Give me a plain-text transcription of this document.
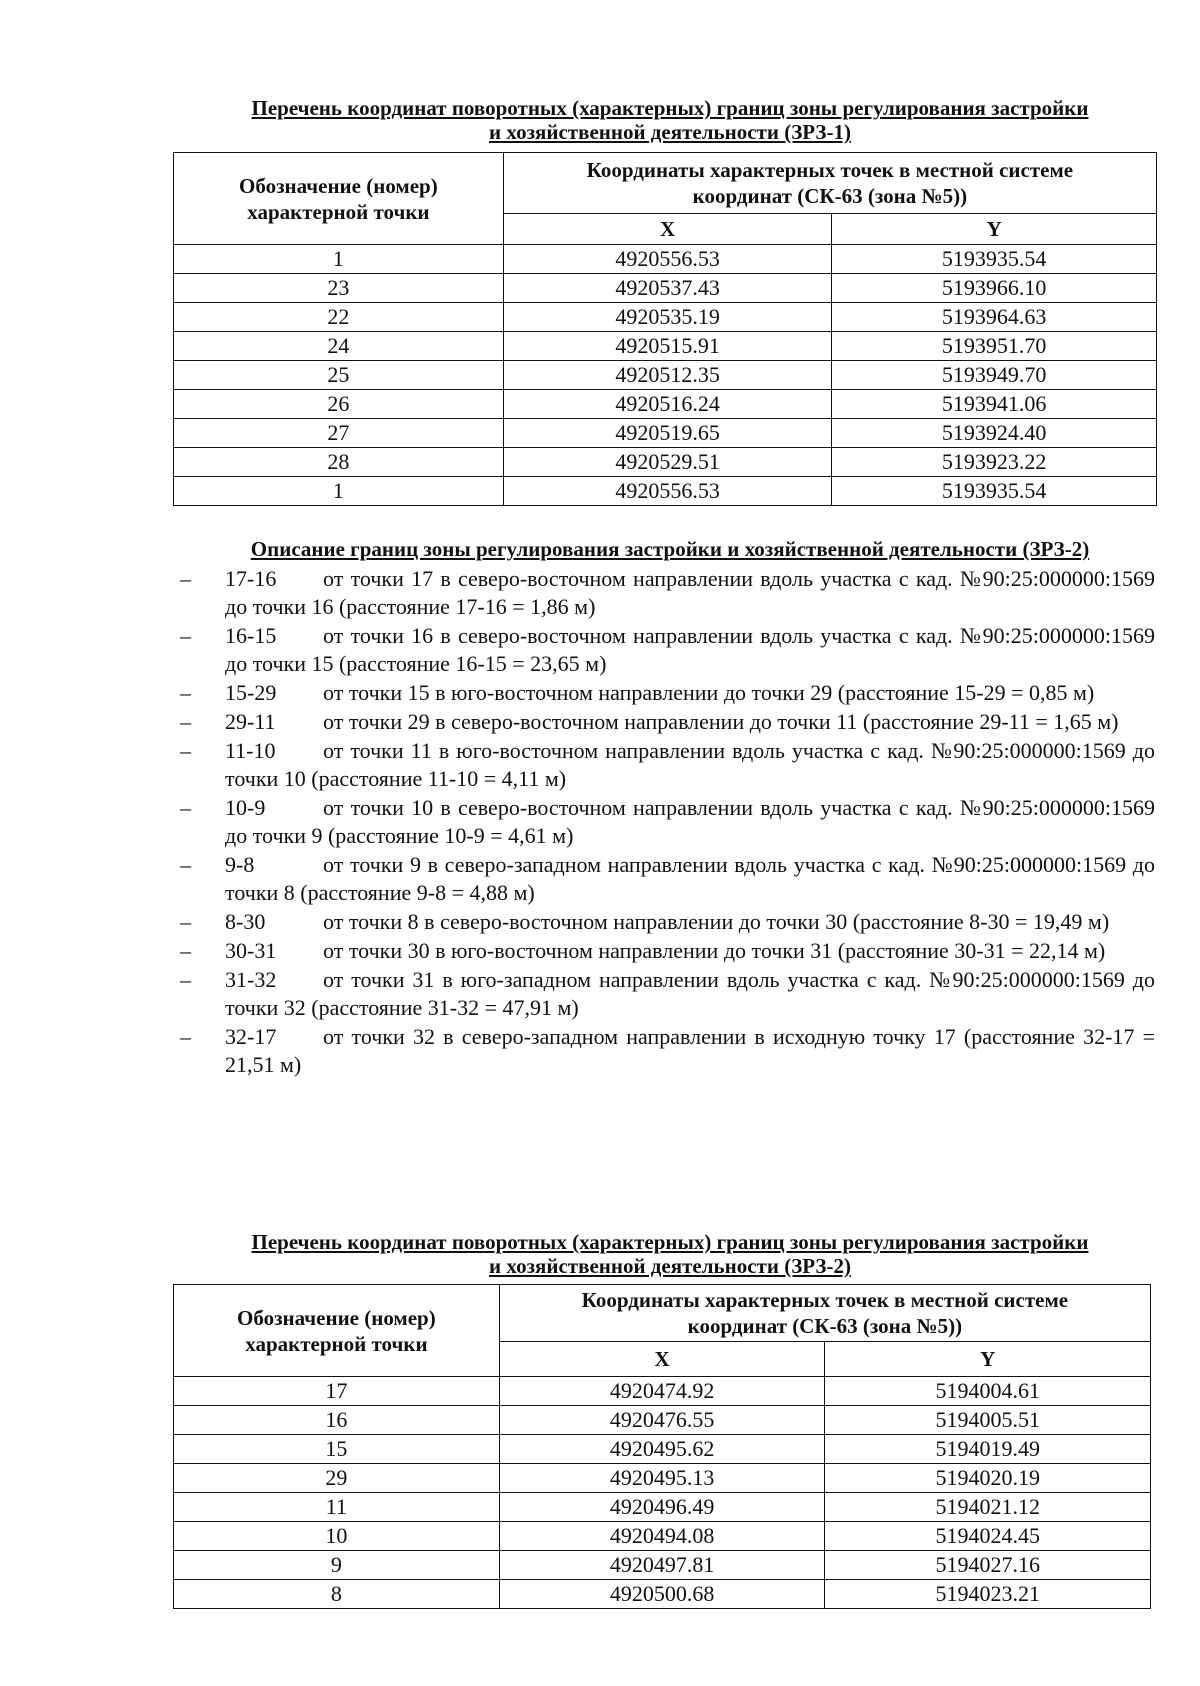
Перечень координат поворотных (характерных) границ зоны регулирования застройки
и хозяйственной деятельности (ЗРЗ-1)
Обозначение (номер) характерной точки	Координаты характерных точек в местной системе координат (СК-63 (зона №5))	
	X	Y
1	4920556.53	5193935.54
23	4920537.43	5193966.10
22	4920535.19	5193964.63
24	4920515.91	5193951.70
25	4920512.35	5193949.70
26	4920516.24	5193941.06
27	4920519.65	5193924.40
28	4920529.51	5193923.22
1	4920556.53	5193935.54
Описание границ зоны регулирования застройки и хозяйственной деятельности (ЗРЗ-2)
– 17-16 от точки 17 в северо-восточном направлении вдоль участка с кад. №90:25:000000:1569 до точки 16 (расстояние 17-16 = 1,86 м)
– 16-15 от точки 16 в северо-восточном направлении вдоль участка с кад. №90:25:000000:1569 до точки 15 (расстояние 16-15 = 23,65 м)
– 15-29 от точки 15 в юго-восточном направлении до точки 29 (расстояние 15-29 = 0,85 м)
– 29-11 от точки 29 в северо-восточном направлении до точки 11 (расстояние 29-11 = 1,65 м)
– 11-10 от точки 11 в юго-восточном направлении вдоль участка с кад. №90:25:000000:1569 до точки 10 (расстояние 11-10 = 4,11 м)
– 10-9	от точки 10 в северо-восточном направлении вдоль участка с кад. №90:25:000000:1569 до точки 9 (расстояние 10-9 = 4,61 м)
– 9-8	от точки 9 в северо-западном направлении вдоль участка с кад. №90:25:000000:1569 до точки 8 (расстояние 9-8 = 4,88 м)
– 8-30	от точки 8 в северо-восточном направлении до точки 30 (расстояние 8-30 = 19,49 м)
– 30-31 от точки 30 в юго-восточном направлении до точки 31 (расстояние 30-31 = 22,14 м)
– 31-32 от точки 31 в юго-западном направлении вдоль участка с кад. №90:25:000000:1569 до точки 32 (расстояние 31-32 = 47,91 м)
– 32-17 от точки 32 в северо-западном направлении в исходную точку 17 (расстояние 32-17 = 21,51 м)
Перечень координат поворотных (характерных) границ зоны регулирования застройки
и хозяйственной деятельности (ЗРЗ-2)
Обозначение (номер) характерной точки	Координаты характерных точек в местной системе координат (СК-63 (зона №5))	
	X	Y
17	4920474.92	5194004.61
16	4920476.55	5194005.51
15	4920495.62	5194019.49
29	4920495.13	5194020.19
11	4920496.49	5194021.12
10	4920494.08	5194024.45
9	4920497.81	5194027.16
8	4920500.68	5194023.21
